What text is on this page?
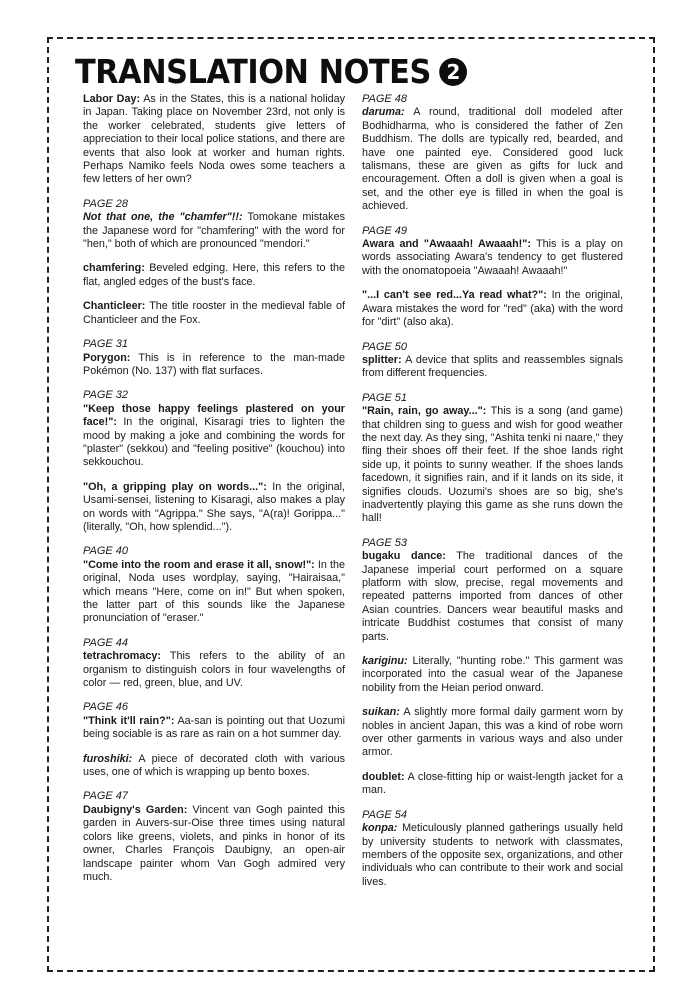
TRANSLATION NOTES 2

Labor Day: As in the States, this is a national holiday in Japan. Taking place on November 23rd, not only is the worker celebrated, students give letters of appreciation to their local police stations, and there are events that also look at worker and human rights. Perhaps Namiko feels Noda owes some teachers a few letters of her own?

PAGE 28

Not that one, the "chamfer"!!: Tomokane mistakes the Japanese word for "chamfering" with the word for "hen," both of which are pronounced "mendori."

chamfering: Beveled edging. Here, this refers to the flat, angled edges of the bust's face.

Chanticleer: The title rooster in the medieval fable of Chanticleer and the Fox.

PAGE 31

Porygon: This is in reference to the man-made Pokémon (No. 137) with flat surfaces.

PAGE 32

"Keep those happy feelings plastered on your face!": In the original, Kisaragi tries to lighten the mood by making a joke and combining the words for "plaster" (sekkou) and "feeling positive" (kouchou) into sekkouchou.

"Oh, a gripping play on words...": In the original, Usami-sensei, listening to Kisaragi, also makes a play on words with "Agrippa." She says, "A(ra)! Gorippa..." (literally, "Oh, how splendid...").

PAGE 40

"Come into the room and erase it all, snow!": In the original, Noda uses wordplay, saying, "Hairaisaa," which means "Here, come on in!" But when spoken, the latter part of this sounds like the Japanese pronunciation of "eraser."

PAGE 44

tetrachromacy: This refers to the ability of an organism to distinguish colors in four wavelengths of color — red, green, blue, and UV.

PAGE 46

"Think it'll rain?": Aa-san is pointing out that Uozumi being sociable is as rare as rain on a hot summer day.

furoshiki: A piece of decorated cloth with various uses, one of which is wrapping up bento boxes.

PAGE 47

Daubigny's Garden: Vincent van Gogh painted this garden in Auvers-sur-Oise three times using natural colors like greens, violets, and pinks in honor of its owner, Charles François Daubigny, an open-air landscape painter whom Van Gogh admired very much.

PAGE 48

daruma: A round, traditional doll modeled after Bodhidharma, who is considered the father of Zen Buddhism. The dolls are typically red, bearded, and have one painted eye. Considered good luck talismans, these are given as gifts for luck and encouragement. Often a doll is given when a goal is set, and the other eye is filled in when the goal is achieved.

PAGE 49

Awara and "Awaaah! Awaaah!": This is a play on words associating Awara's tendency to get flustered with the onomatopoeia "Awaaah! Awaaah!"

"...I can't see red...Ya read what?": In the original, Awara mistakes the word for "red" (aka) with the word for "dirt" (also aka).

PAGE 50

splitter: A device that splits and reassembles signals from different frequencies.

PAGE 51

"Rain, rain, go away...": This is a song (and game) that children sing to guess and wish for good weather the next day. As they sing, "Ashita tenki ni naare," they fling their shoes off their feet. If the shoe lands right side up, it points to sunny weather. If the shoes lands facedown, it signifies rain, and if it lands on its side, it signifies clouds. Uozumi's shoes are so big, she's inadvertently playing this game as she runs down the hall!

PAGE 53

bugaku dance: The traditional dances of the Japanese imperial court performed on a square platform with slow, precise, regal movements and repeated patterns imported from dances of other Asian countries. Dancers wear beautiful masks and intricate Buddhist costumes that consist of many parts.

kariginu: Literally, "hunting robe." This garment was incorporated into the casual wear of the Japanese nobility from the Heian period onward.

suikan: A slightly more formal daily garment worn by nobles in ancient Japan, this was a kind of robe worn over other garments in various ways and also under armor.

doublet: A close-fitting hip or waist-length jacket for a man.

PAGE 54

konpa: Meticulously planned gatherings usually held by university students to network with classmates, members of the opposite sex, organizations, and other individuals who can contribute to their work and social lives.
